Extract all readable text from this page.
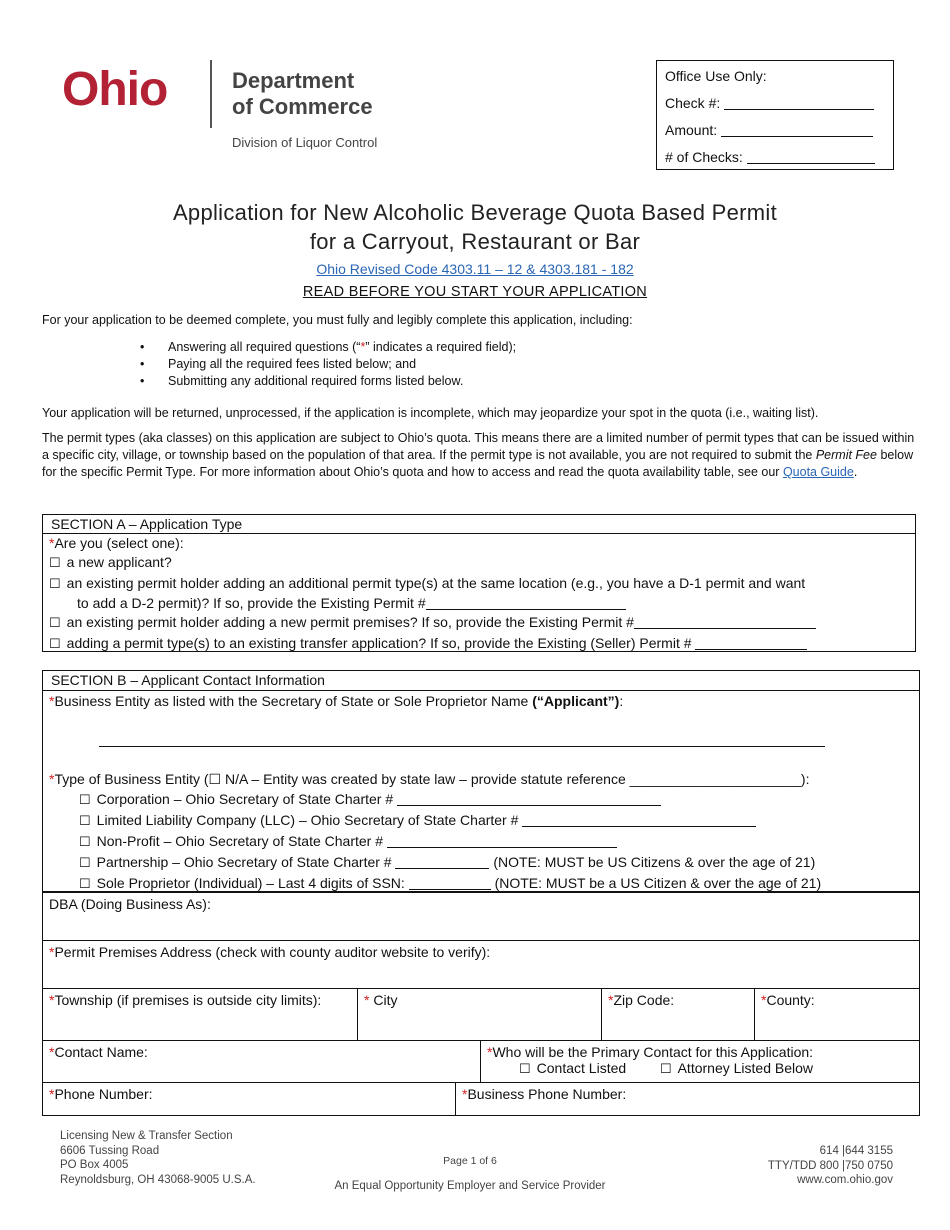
Ohio	Department
of Commerce
Division of Liquor Control
Office Use Only:
Check #:
Amount:
# of Checks:
Application for New Alcoholic Beverage Quota Based Permit
for a Carryout, Restaurant or Bar
Ohio Revised Code 4303.11 – 12 & 4303.181 - 182
READ BEFORE YOU START YOUR APPLICATION

For your application to be deemed complete, you must fully and legibly complete this application, including:

• Answering all required questions (“*” indicates a required field);
• Paying all the required fees listed below; and
• Submitting any additional required forms listed below.

Your application will be returned, unprocessed, if the application is incomplete, which may jeopardize your spot in the quota (i.e., waiting list).

The permit types (aka classes) on this application are subject to Ohio’s quota. This means there are a limited number of permit types that can be issued within a specific city, village, or township based on the population of that area. If the permit type is not available, you are not required to submit the Permit Fee below for the specific Permit Type. For more information about Ohio’s quota and how to access and read the quota availability table, see our Quota Guide.

SECTION A – Application Type
*Are you (select one):
☐ a new applicant?
☐ an existing permit holder adding an additional permit type(s) at the same location (e.g., you have a D-1 permit and want
to add a D-2 permit)? If so, provide the Existing Permit #
☐ an existing permit holder adding a new permit premises? If so, provide the Existing Permit #
☐ adding a permit type(s) to an existing transfer application? If so, provide the Existing (Seller) Permit #
SECTION B – Applicant Contact Information
*Business Entity as listed with the Secretary of State or Sole Proprietor Name (“Applicant”):
*Type of Business Entity (☐ N/A – Entity was created by state law – provide statute reference ______________________):
☐ Corporation – Ohio Secretary of State Charter #
☐ Limited Liability Company (LLC) – Ohio Secretary of State Charter #
☐ Non-Profit – Ohio Secretary of State Charter #
☐ Partnership – Ohio Secretary of State Charter #	(NOTE: MUST be US Citizens & over the age of 21)
☐ Sole Proprietor (Individual) – Last 4 digits of SSN:	(NOTE: MUST be a US Citizen & over the age of 21)
DBA (Doing Business As):
*Permit Premises Address (check with county auditor website to verify):
*Township (if premises is outside city limits):	* City	*Zip Code:	*County:
*Contact Name:	*Who will be the Primary Contact for this Application:
☐ Contact Listed	☐ Attorney Listed Below
*Phone Number:	*Business Phone Number:
Licensing New & Transfer Section
6606 Tussing Road
PO Box 4005
Reynoldsburg, OH 43068-9005 U.S.A.
Page 1 of 6
An Equal Opportunity Employer and Service Provider
614 |644 3155
TTY/TDD 800 |750 0750
www.com.ohio.gov
